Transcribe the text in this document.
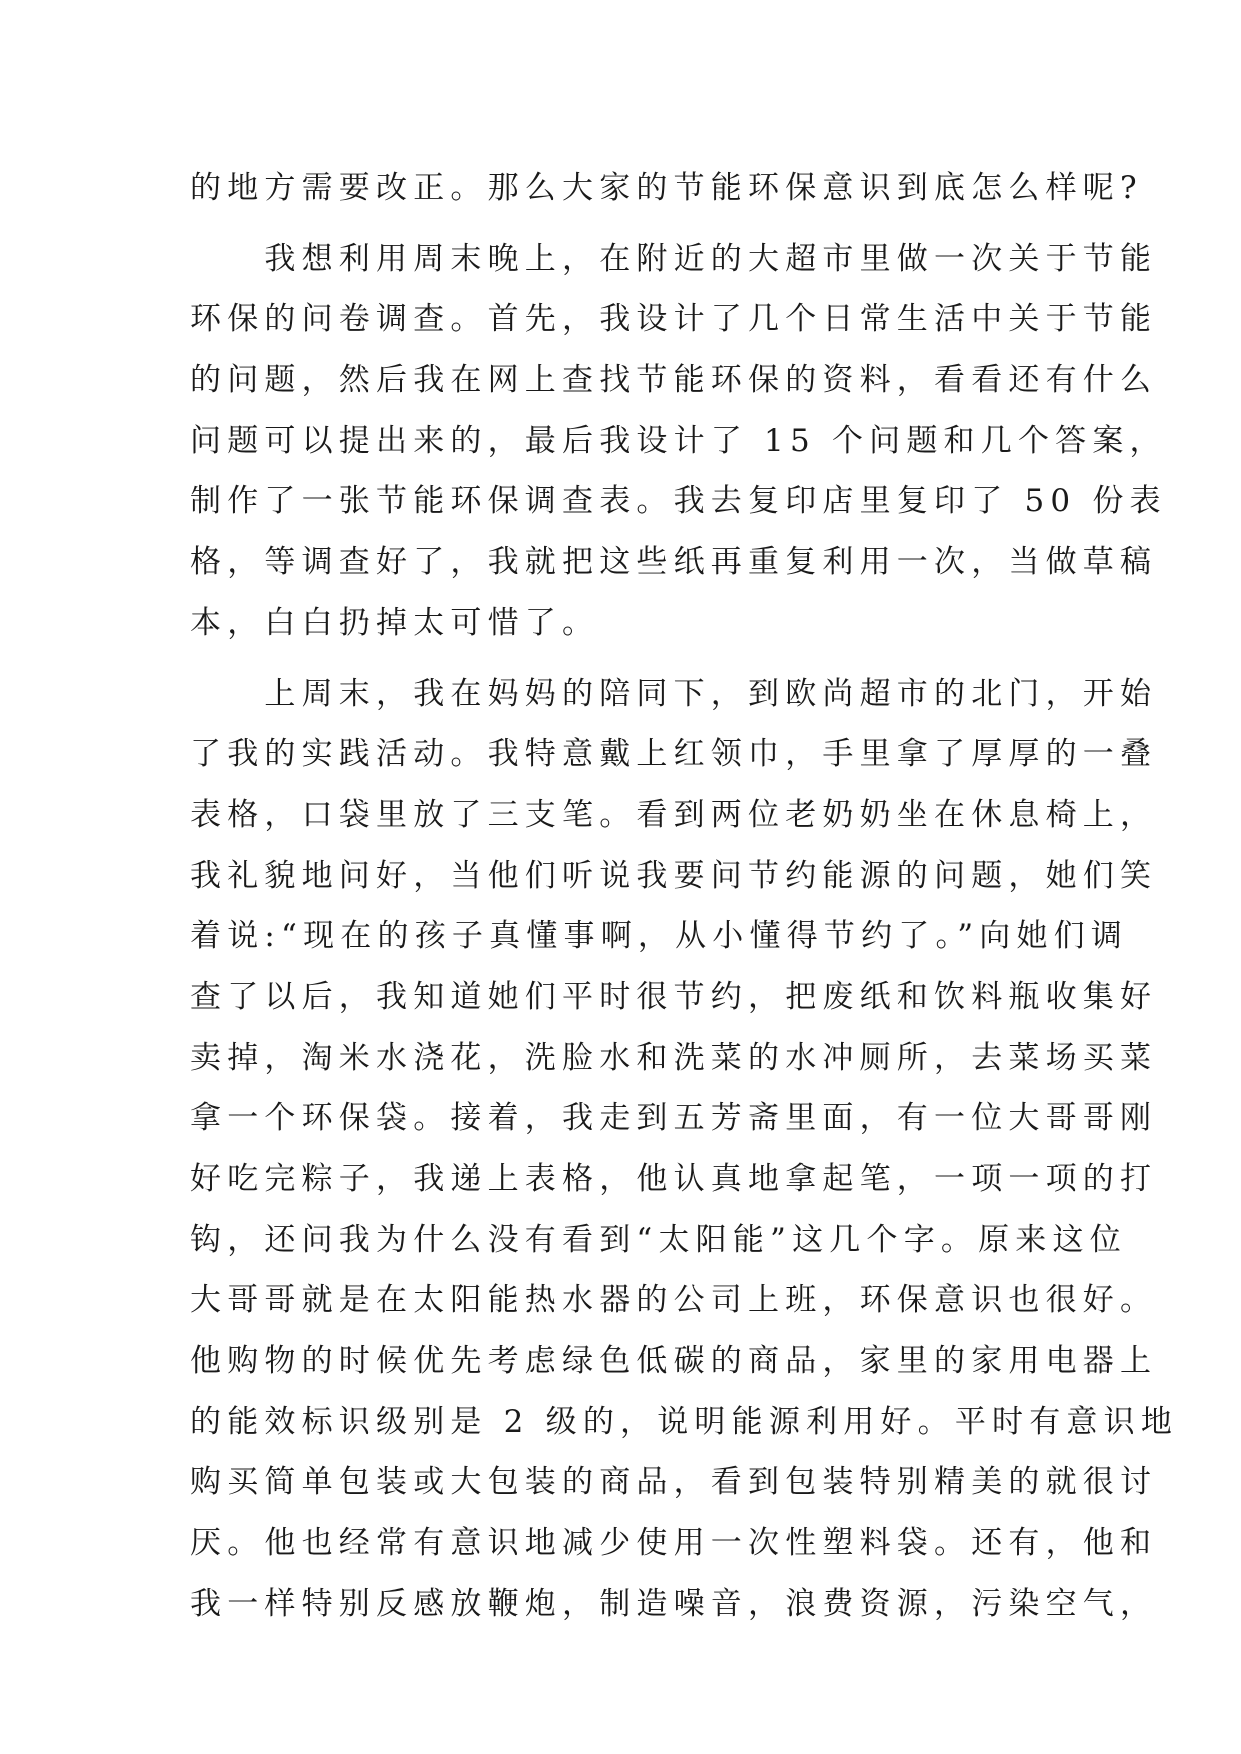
的地方需要改正。那么大家的节能环保意识到底怎么样呢?
　　我想利用周末晚上，在附近的大超市里做一次关于节能
环保的问卷调查。首先，我设计了几个日常生活中关于节能
的问题，然后我在网上查找节能环保的资料，看看还有什么
问题可以提出来的，最后我设计了 15 个问题和几个答案，
制作了一张节能环保调查表。我去复印店里复印了 50 份表
格，等调查好了，我就把这些纸再重复利用一次，当做草稿
本，白白扔掉太可惜了。
　　上周末，我在妈妈的陪同下，到欧尚超市的北门，开始
了我的实践活动。我特意戴上红领巾，手里拿了厚厚的一叠
表格，口袋里放了三支笔。看到两位老奶奶坐在休息椅上，
我礼貌地问好，当他们听说我要问节约能源的问题，她们笑
着说:“现在的孩子真懂事啊，从小懂得节约了。”向她们调
查了以后，我知道她们平时很节约，把废纸和饮料瓶收集好
卖掉，淘米水浇花，洗脸水和洗菜的水冲厕所，去菜场买菜
拿一个环保袋。接着，我走到五芳斋里面，有一位大哥哥刚
好吃完粽子，我递上表格，他认真地拿起笔，一项一项的打
钩，还问我为什么没有看到“太阳能”这几个字。原来这位
大哥哥就是在太阳能热水器的公司上班，环保意识也很好。
他购物的时候优先考虑绿色低碳的商品，家里的家用电器上
的能效标识级别是 2 级的，说明能源利用好。平时有意识地
购买简单包装或大包装的商品，看到包装特别精美的就很讨
厌。他也经常有意识地减少使用一次性塑料袋。还有，他和
我一样特别反感放鞭炮，制造噪音，浪费资源，污染空气，
